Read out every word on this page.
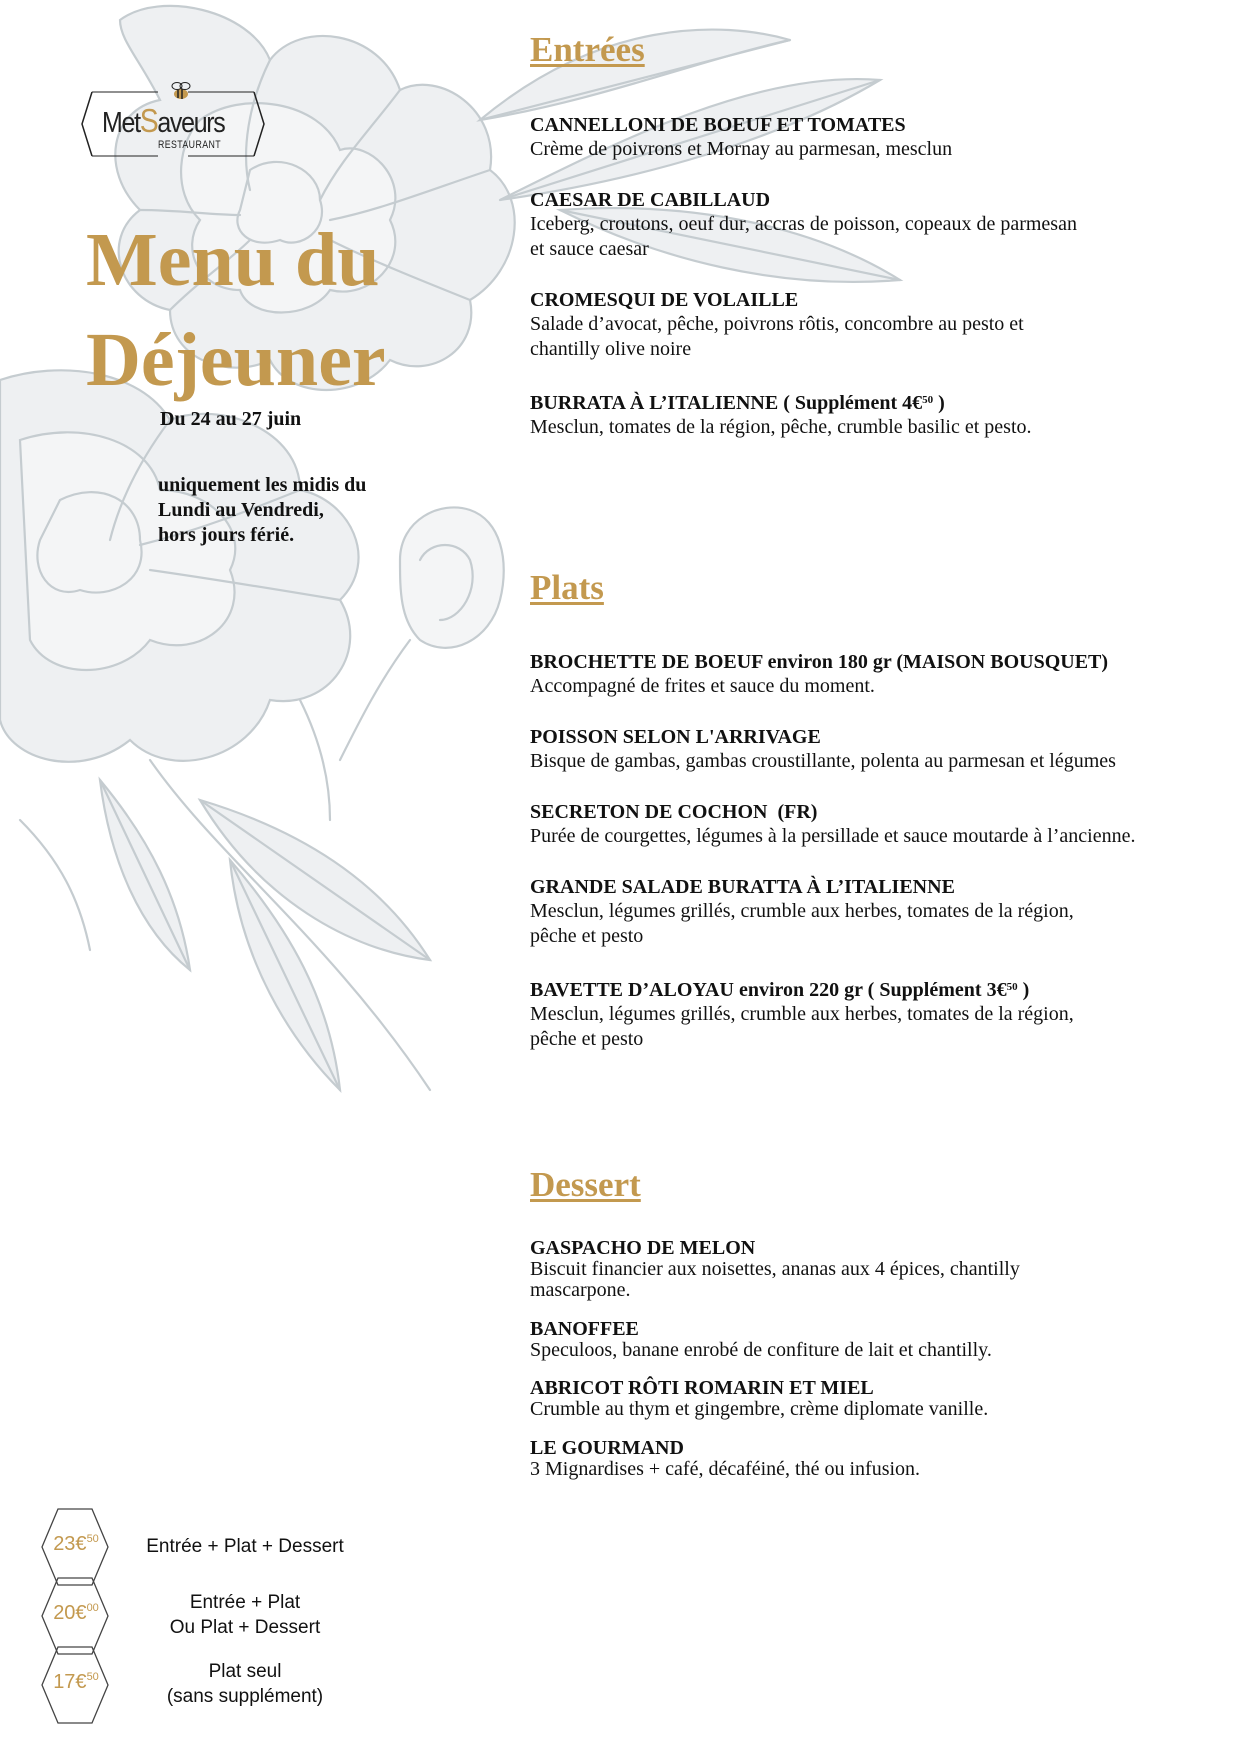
MetSaveurs
RESTAURANT
Menu du
Déjeuner
Du 24 au 27 juin
uniquement les midis du
Lundi au Vendredi,
hors jours férié.
Entrées
CANNELLONI DE BOEUF ET TOMATES
Crème de poivrons et Mornay au parmesan, mesclun
CAESAR DE CABILLAUD
Iceberg, croutons, oeuf dur, accras de poisson, copeaux de parmesan
et sauce caesar
CROMESQUI DE VOLAILLE
Salade d’avocat, pêche, poivrons rôtis, concombre au pesto et
chantilly olive noire
BURRATA À L’ITALIENNE ( Supplément 4€$^{50}$ )
Mesclun, tomates de la région, pêche, crumble basilic et pesto.
Plats
BROCHETTE DE BOEUF environ 180 gr (MAISON BOUSQUET)
Accompagné de frites et sauce du moment.
POISSON SELON L'ARRIVAGE
Bisque de gambas, gambas croustillante, polenta au parmesan et légumes
SECRETON DE COCHON  (FR)
Purée de courgettes, légumes à la persillade et sauce moutarde à l’ancienne.
GRANDE SALADE BURATTA À L’ITALIENNE
Mesclun, légumes grillés, crumble aux herbes, tomates de la région,
pêche et pesto
BAVETTE D’ALOYAU environ 220 gr ( Supplément 3€$^{50}$ )
Mesclun, légumes grillés, crumble aux herbes, tomates de la région,
pêche et pesto
Dessert
GASPACHO DE MELON
Biscuit financier aux noisettes, ananas aux 4 épices, chantilly
mascarpone.
BANOFFEE
Speculoos, banane enrobé de confiture de lait et chantilly.
ABRICOT RÔTI ROMARIN ET MIEL
Crumble au thym et gingembre, crème diplomate vanille.
LE GOURMAND
3 Mignardises + café, décaféiné, thé ou infusion.
23€$^{50}$	Entrée + Plat + Dessert
20€$^{00}$	Entrée + Plat
Ou Plat + Dessert
17€$^{50}$	Plat seul
(sans supplément)
